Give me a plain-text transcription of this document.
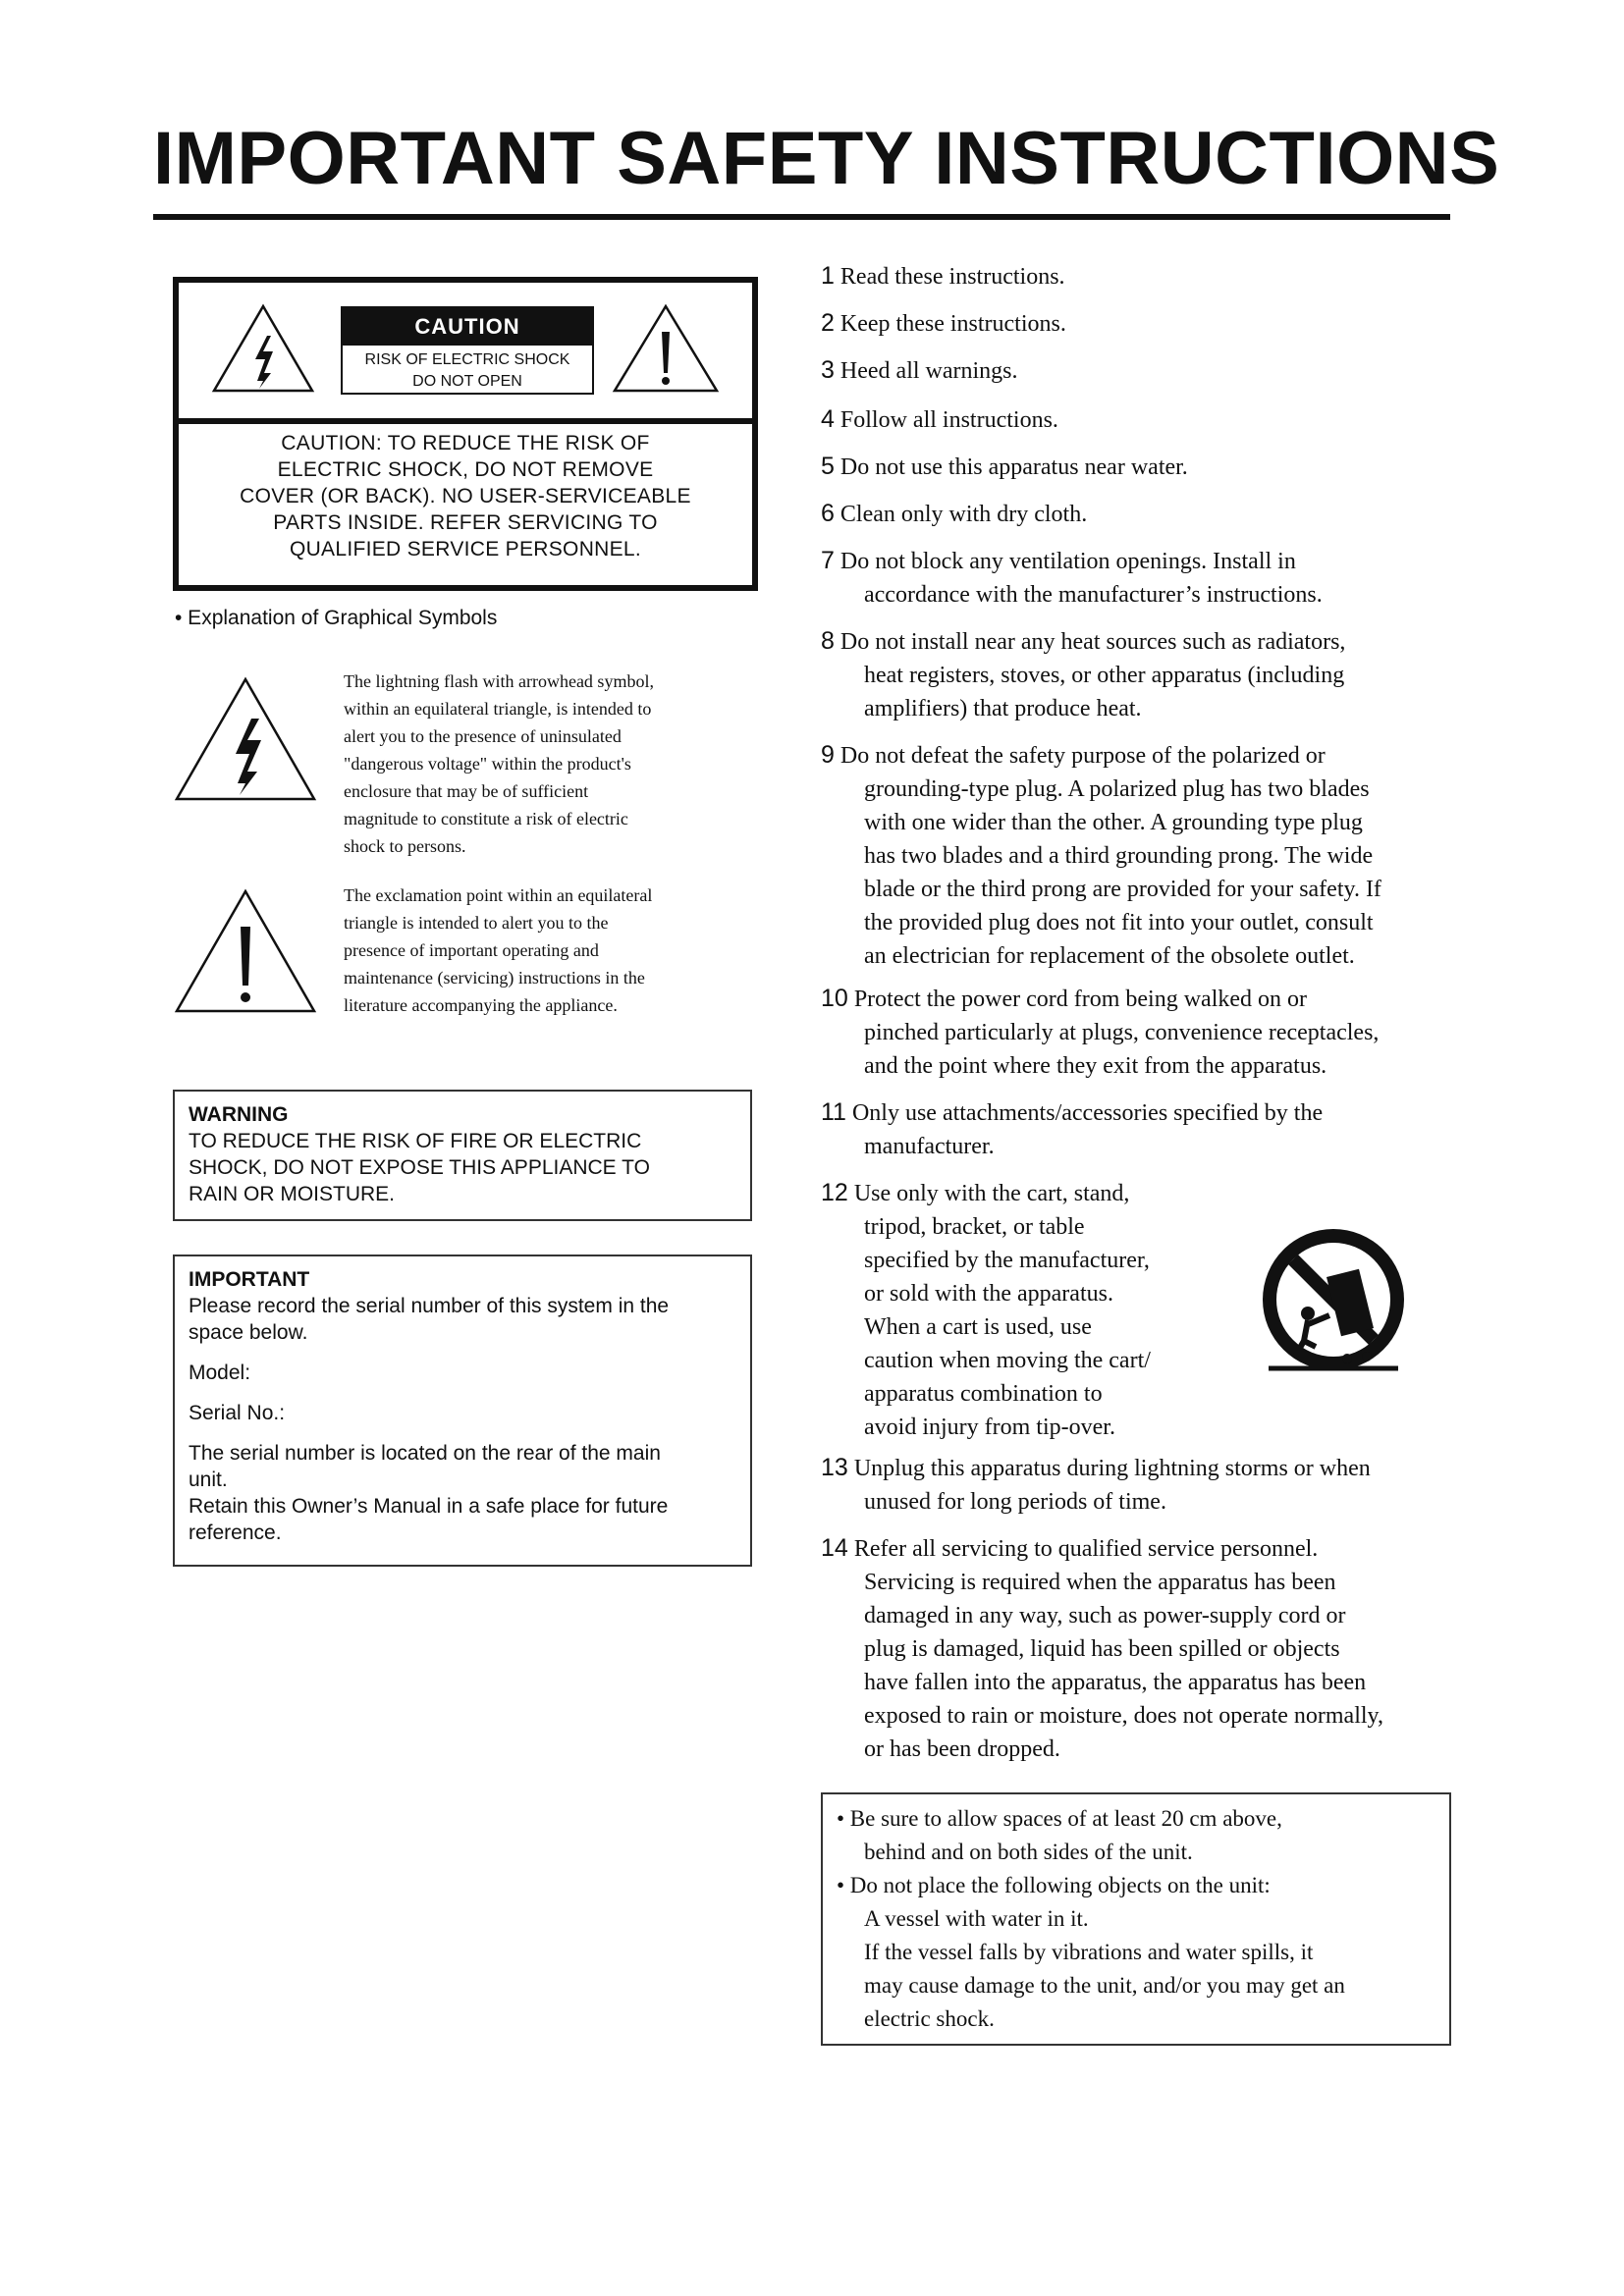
IMPORTANT SAFETY INSTRUCTIONS
CAUTION
RISK OF ELECTRIC SHOCK
DO NOT OPEN
CAUTION: TO REDUCE THE RISK OF
ELECTRIC SHOCK, DO NOT REMOVE
COVER (OR BACK). NO USER-SERVICEABLE
PARTS INSIDE. REFER SERVICING TO
QUALIFIED SERVICE PERSONNEL.
• Explanation of Graphical Symbols
The lightning flash with arrowhead symbol,
within an equilateral triangle, is intended to
alert you to the presence of uninsulated
"dangerous voltage" within the product's
enclosure that may be of sufficient
magnitude to constitute a risk of electric
shock to persons.
The exclamation point within an equilateral
triangle is intended to alert you to the
presence of important operating and
maintenance (servicing) instructions in the
literature accompanying the appliance.

WARNING

TO REDUCE THE RISK OF FIRE OR ELECTRIC

SHOCK, DO NOT EXPOSE THIS APPLIANCE TO

RAIN OR MOISTURE.

IMPORTANT

Please record the serial number of this system in the

space below.

Model:

Serial No.:

The serial number is located on the rear of the main

unit.

Retain this Owner’s Manual in a safe place for future

reference.

1 Read these instructions.
2 Keep these instructions.
3 Heed all warnings.
4 Follow all instructions.
5 Do not use this apparatus near water.
6 Clean only with dry cloth.
7 Do not block any ventilation openings. Install in
accordance with the manufacturer’s instructions.
8 Do not install near any heat sources such as radiators,
heat registers, stoves, or other apparatus (including
amplifiers) that produce heat.
9 Do not defeat the safety purpose of the polarized or
grounding-type plug. A polarized plug has two blades
with one wider than the other. A grounding type plug
has two blades and a third grounding prong. The wide
blade or the third prong are provided for your safety. If
the provided plug does not fit into your outlet, consult
an electrician for replacement of the obsolete outlet.
10 Protect the power cord from being walked on or
pinched particularly at plugs, convenience receptacles,
and the point where they exit from the apparatus.
11 Only use attachments/accessories specified by the
manufacturer.
12 Use only with the cart, stand,
tripod, bracket, or table
specified by the manufacturer,
or sold with the apparatus.
When a cart is used, use
caution when moving the cart/
apparatus combination to
avoid injury from tip-over.
13 Unplug this apparatus during lightning storms or when
unused for long periods of time.
14 Refer all servicing to qualified service personnel.
Servicing is required when the apparatus has been
damaged in any way, such as power-supply cord or
plug is damaged, liquid has been spilled or objects
have fallen into the apparatus, the apparatus has been
exposed to rain or moisture, does not operate normally,
or has been dropped.

• Be sure to allow spaces of at least 20 cm above,

behind and on both sides of the unit.

• Do not place the following objects on the unit:

A vessel with water in it.

If the vessel falls by vibrations and water spills, it

may cause damage to the unit, and/or you may get an

electric shock.
